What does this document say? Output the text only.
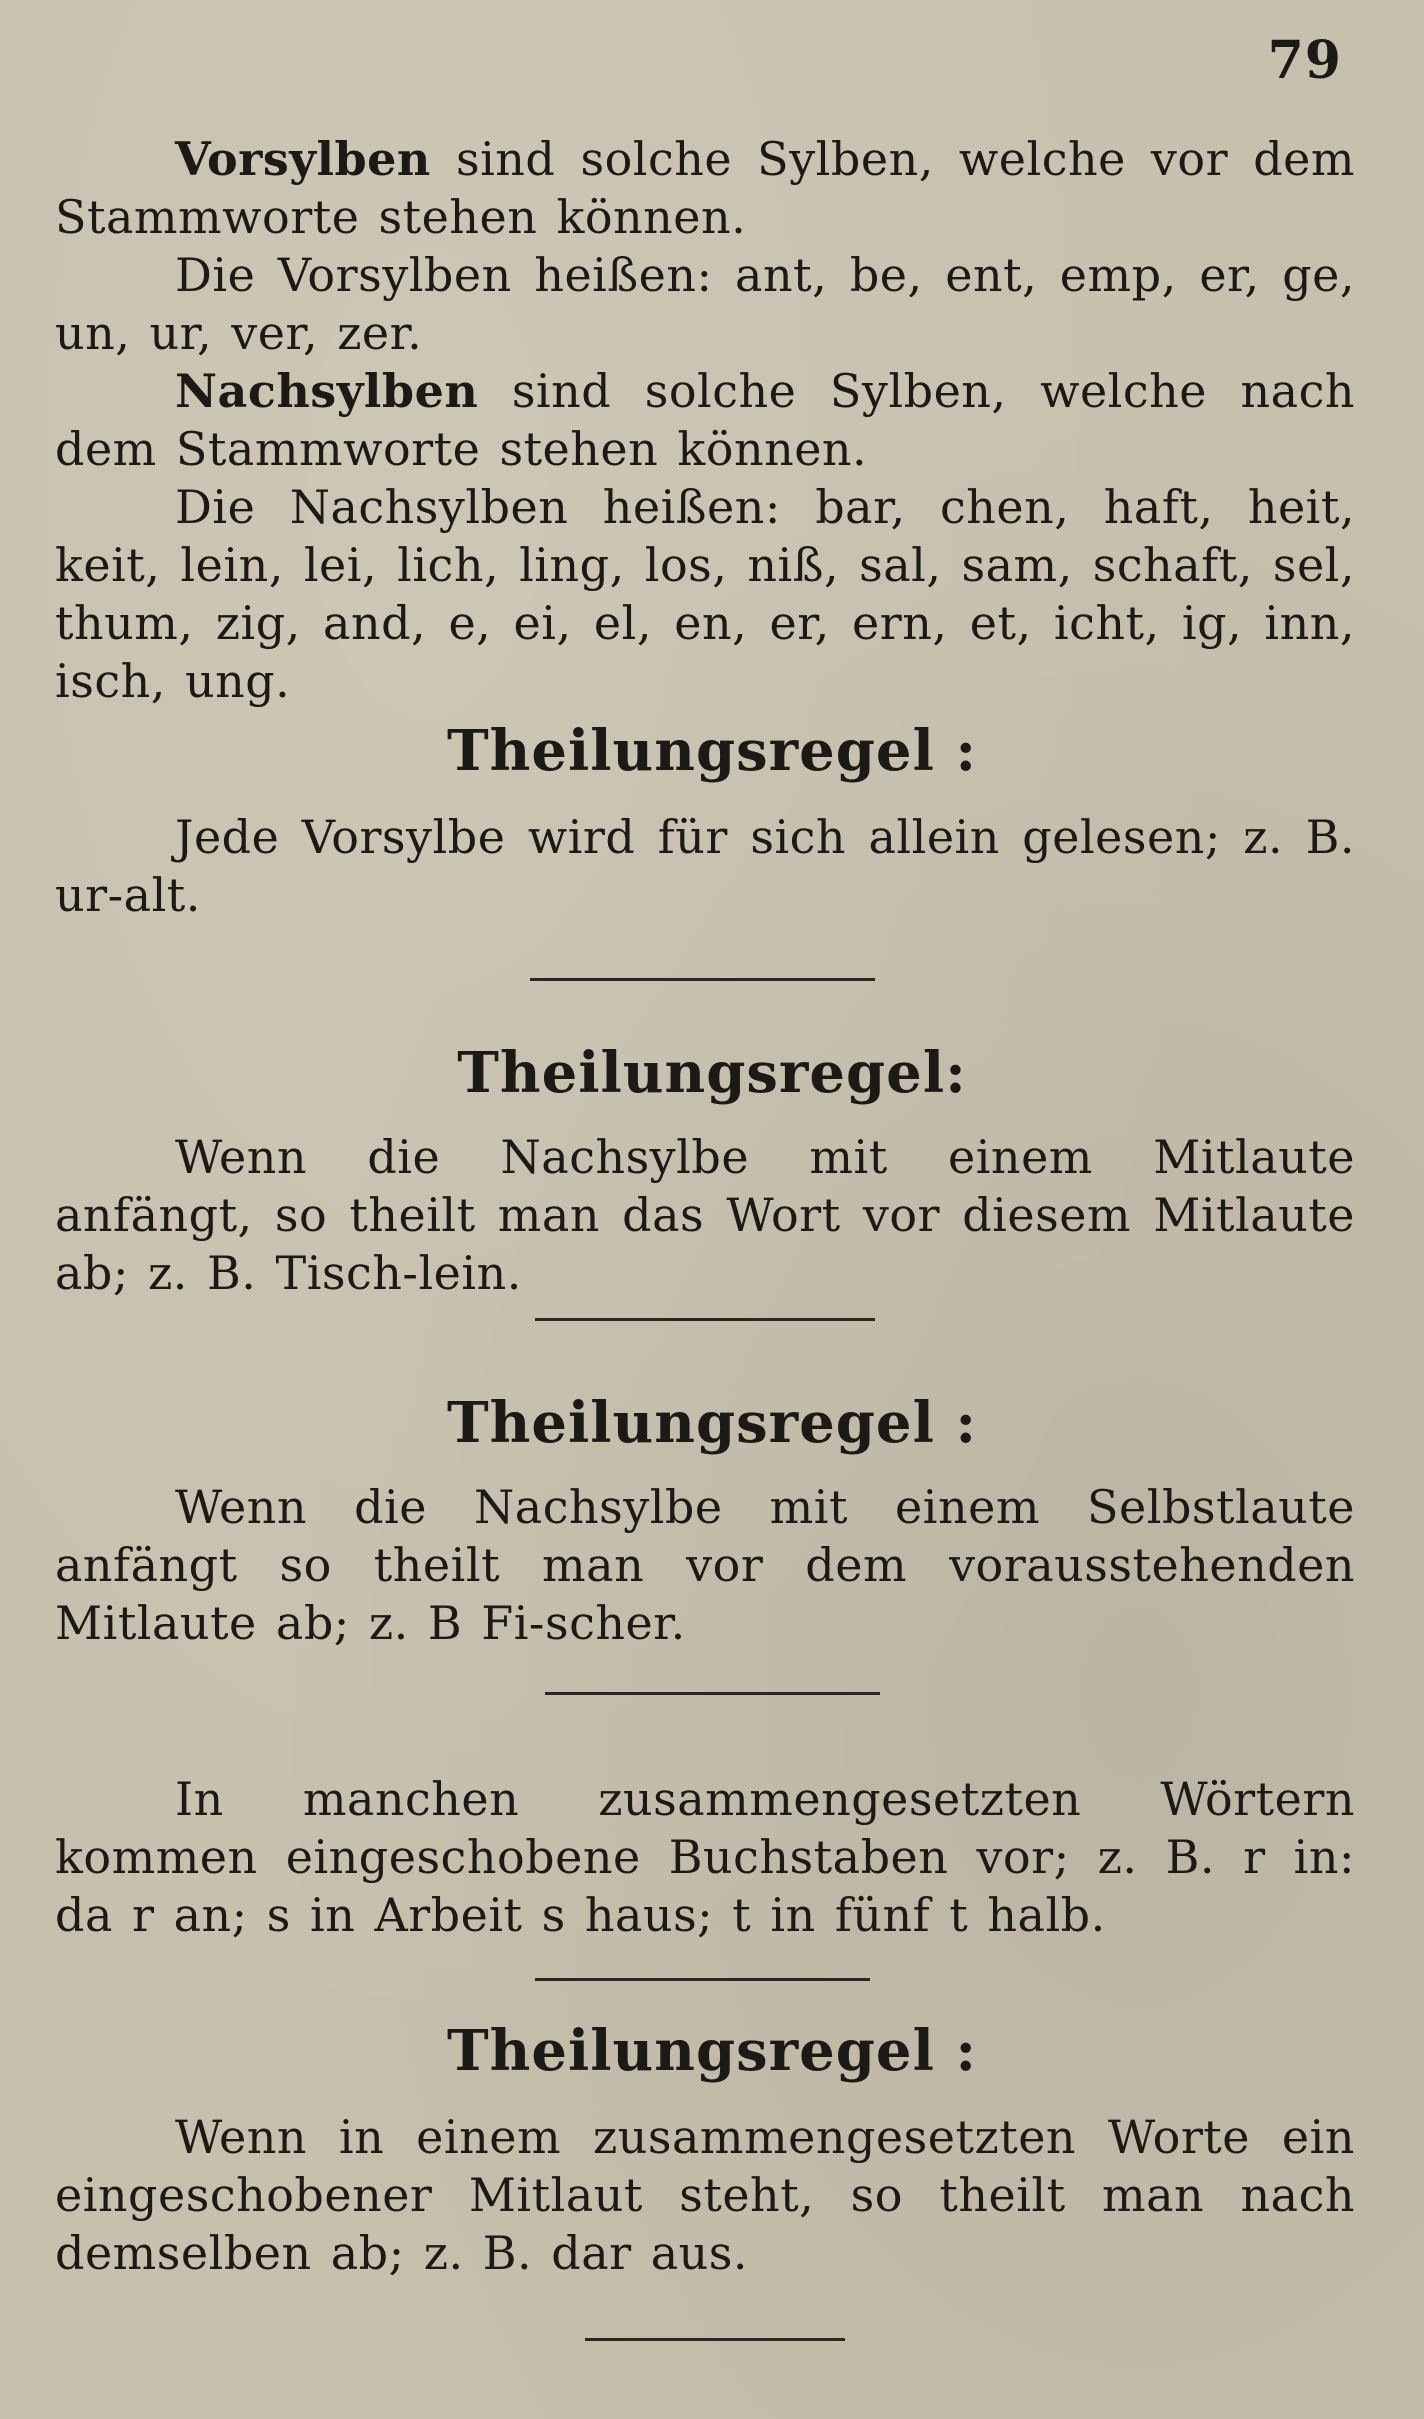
79

Vorsylben sind solche Sylben, welche vor dem Stammworte stehen können.

Die Vorsylben heißen: ant, be, ent, emp, er, ge, un, ur, ver, zer.

Nachsylben sind solche Sylben, welche nach dem Stammworte stehen können.

Die Nachsylben heißen: bar, chen, haft, heit, keit, lein, lei, lich, ling, los, niß, sal, sam, schaft, sel, thum, zig, and, e, ei, el, en, er, ern, et, icht, ig, inn, isch, ung.

Theilungsregel :

Jede Vorsylbe wird für sich allein gelesen; z. B. ur-alt.

Theilungsregel:

Wenn die Nachsylbe mit einem Mitlaute anfängt, so theilt man das Wort vor diesem Mitlaute ab; z. B. Tisch-lein.

Theilungsregel :

Wenn die Nachsylbe mit einem Selbstlaute anfängt so theilt man vor dem vorausstehenden Mitlaute ab; z. B Fi-scher.

In manchen zusammengesetzten Wörtern kommen eingeschobene Buchstaben vor; z. B. r in: da r an; s in Arbeit s haus; t in fünf t halb.

Theilungsregel :

Wenn in einem zusammengesetzten Worte ein eingeschobener Mitlaut steht, so theilt man nach demselben ab; z. B. dar aus.
